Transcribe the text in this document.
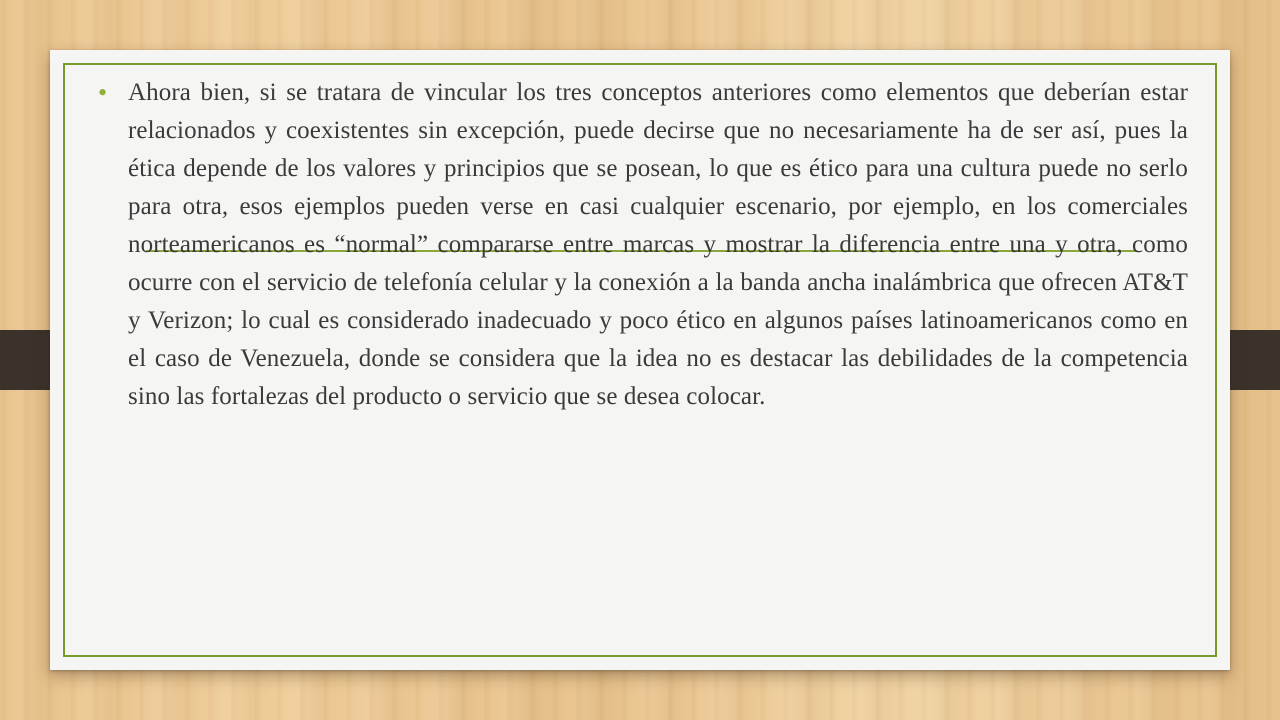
• Ahora bien, si se tratara de vincular los tres conceptos anteriores como elementos que deberían estar relacionados y coexistentes sin excepción, puede decirse que no necesariamente ha de ser así, pues la ética depende de los valores y principios que se posean, lo que es ético para una cultura puede no serlo para otra, esos ejemplos pueden verse en casi cualquier escenario, por ejemplo, en los comerciales norteamericanos es “normal” compararse entre marcas y mostrar la diferencia entre una y otra, como ocurre con el servicio de telefonía celular y la conexión a la banda ancha inalámbrica que ofrecen AT&T y Verizon; lo cual es considerado inadecuado y poco ético en algunos países latinoamericanos como en el caso de Venezuela, donde se considera que la idea no es destacar las debilidades de la competencia sino las fortalezas del producto o servicio que se desea colocar.
